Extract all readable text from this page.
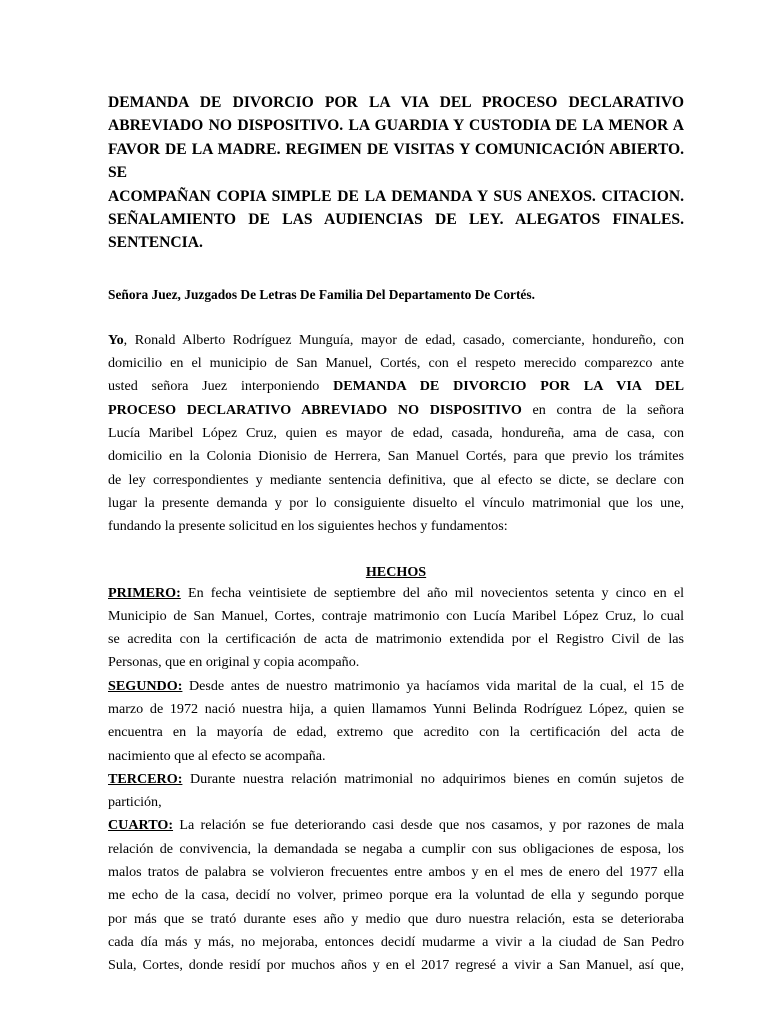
DEMANDA DE DIVORCIO POR LA VIA DEL PROCESO DECLARATIVO
ABREVIADO NO DISPOSITIVO. LA GUARDIA Y CUSTODIA DE LA MENOR A
FAVOR DE LA MADRE. REGIMEN DE VISITAS Y COMUNICACIÓN ABIERTO. SE
ACOMPAÑAN COPIA SIMPLE DE LA DEMANDA Y SUS ANEXOS. CITACION.
SEÑALAMIENTO DE LAS AUDIENCIAS DE LEY. ALEGATOS FINALES.
SENTENCIA.

Señora Juez, Juzgados De Letras De Familia Del Departamento De Cortés.

Yo, Ronald Alberto Rodríguez Munguía, mayor de edad, casado, comerciante, hondureño, con
domicilio en el municipio de San Manuel, Cortés, con el respeto merecido comparezco ante
usted señora Juez interponiendo DEMANDA DE DIVORCIO POR LA VIA DEL
PROCESO DECLARATIVO ABREVIADO NO DISPOSITIVO en contra de la señora
Lucía Maribel López Cruz, quien es mayor de edad, casada, hondureña, ama de casa, con
domicilio en la Colonia Dionisio de Herrera, San Manuel Cortés, para que previo los trámites
de ley correspondientes y mediante sentencia definitiva, que al efecto se dicte, se declare con
lugar la presente demanda y por lo consiguiente disuelto el vínculo matrimonial que los une,
fundando la presente solicitud en los siguientes hechos y fundamentos:

HECHOS

PRIMERO: En fecha veintisiete de septiembre del año mil novecientos setenta y cinco en el
Municipio de San Manuel, Cortes, contraje matrimonio con Lucía Maribel López Cruz, lo cual
se acredita con la certificación de acta de matrimonio extendida por el Registro Civil de las
Personas, que en original y copia acompaño.

SEGUNDO: Desde antes de nuestro matrimonio ya hacíamos vida marital de la cual, el 15 de
marzo de 1972 nació nuestra hija, a quien llamamos Yunni Belinda Rodríguez López, quien se
encuentra en la mayoría de edad, extremo que acredito con la certificación del acta de
nacimiento que al efecto se acompaña.

TERCERO: Durante nuestra relación matrimonial no adquirimos bienes en común sujetos de
partición,

CUARTO: La relación se fue deteriorando casi desde que nos casamos, y por razones de mala
relación de convivencia, la demandada se negaba a cumplir con sus obligaciones de esposa, los
malos tratos de palabra se volvieron frecuentes entre ambos y en el mes de enero del 1977 ella
me echo de la casa, decidí no volver, primeo porque era la voluntad de ella y segundo porque
por más que se trató durante eses año y medio que duro nuestra relación, esta se deterioraba
cada día más y más, no mejoraba, entonces decidí mudarme a vivir a la ciudad de San Pedro
Sula, Cortes, donde residí por muchos años y en el 2017 regresé a vivir a San Manuel, así que,
